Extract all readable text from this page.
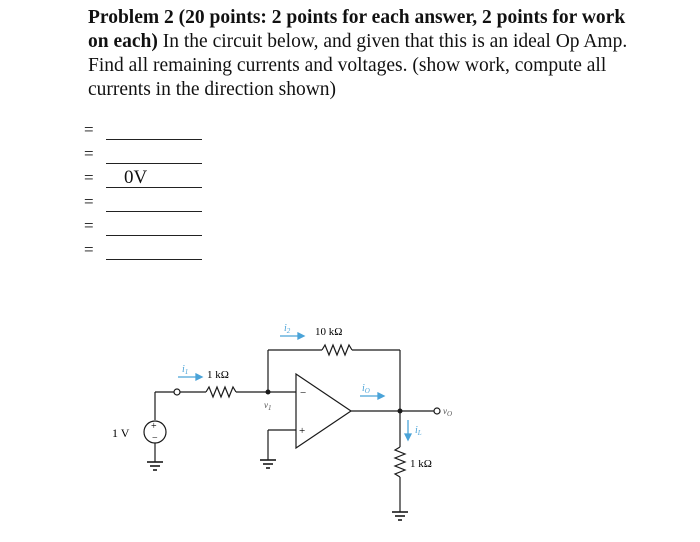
Problem 2 (20 points: 2 points for each answer, 2 points for work on each) In the circuit below, and given that this is an ideal Op Amp. Find all remaining currents and voltages. (show work, compute all currents in the direction shown)
=
=
= 0V
=
=
=
1 V +
−
1 kΩ
10 kΩ
1 kΩ
$i_1$
$i_2$
$i_O$
$i_L$
$v_1$	$v_O$
−
+
